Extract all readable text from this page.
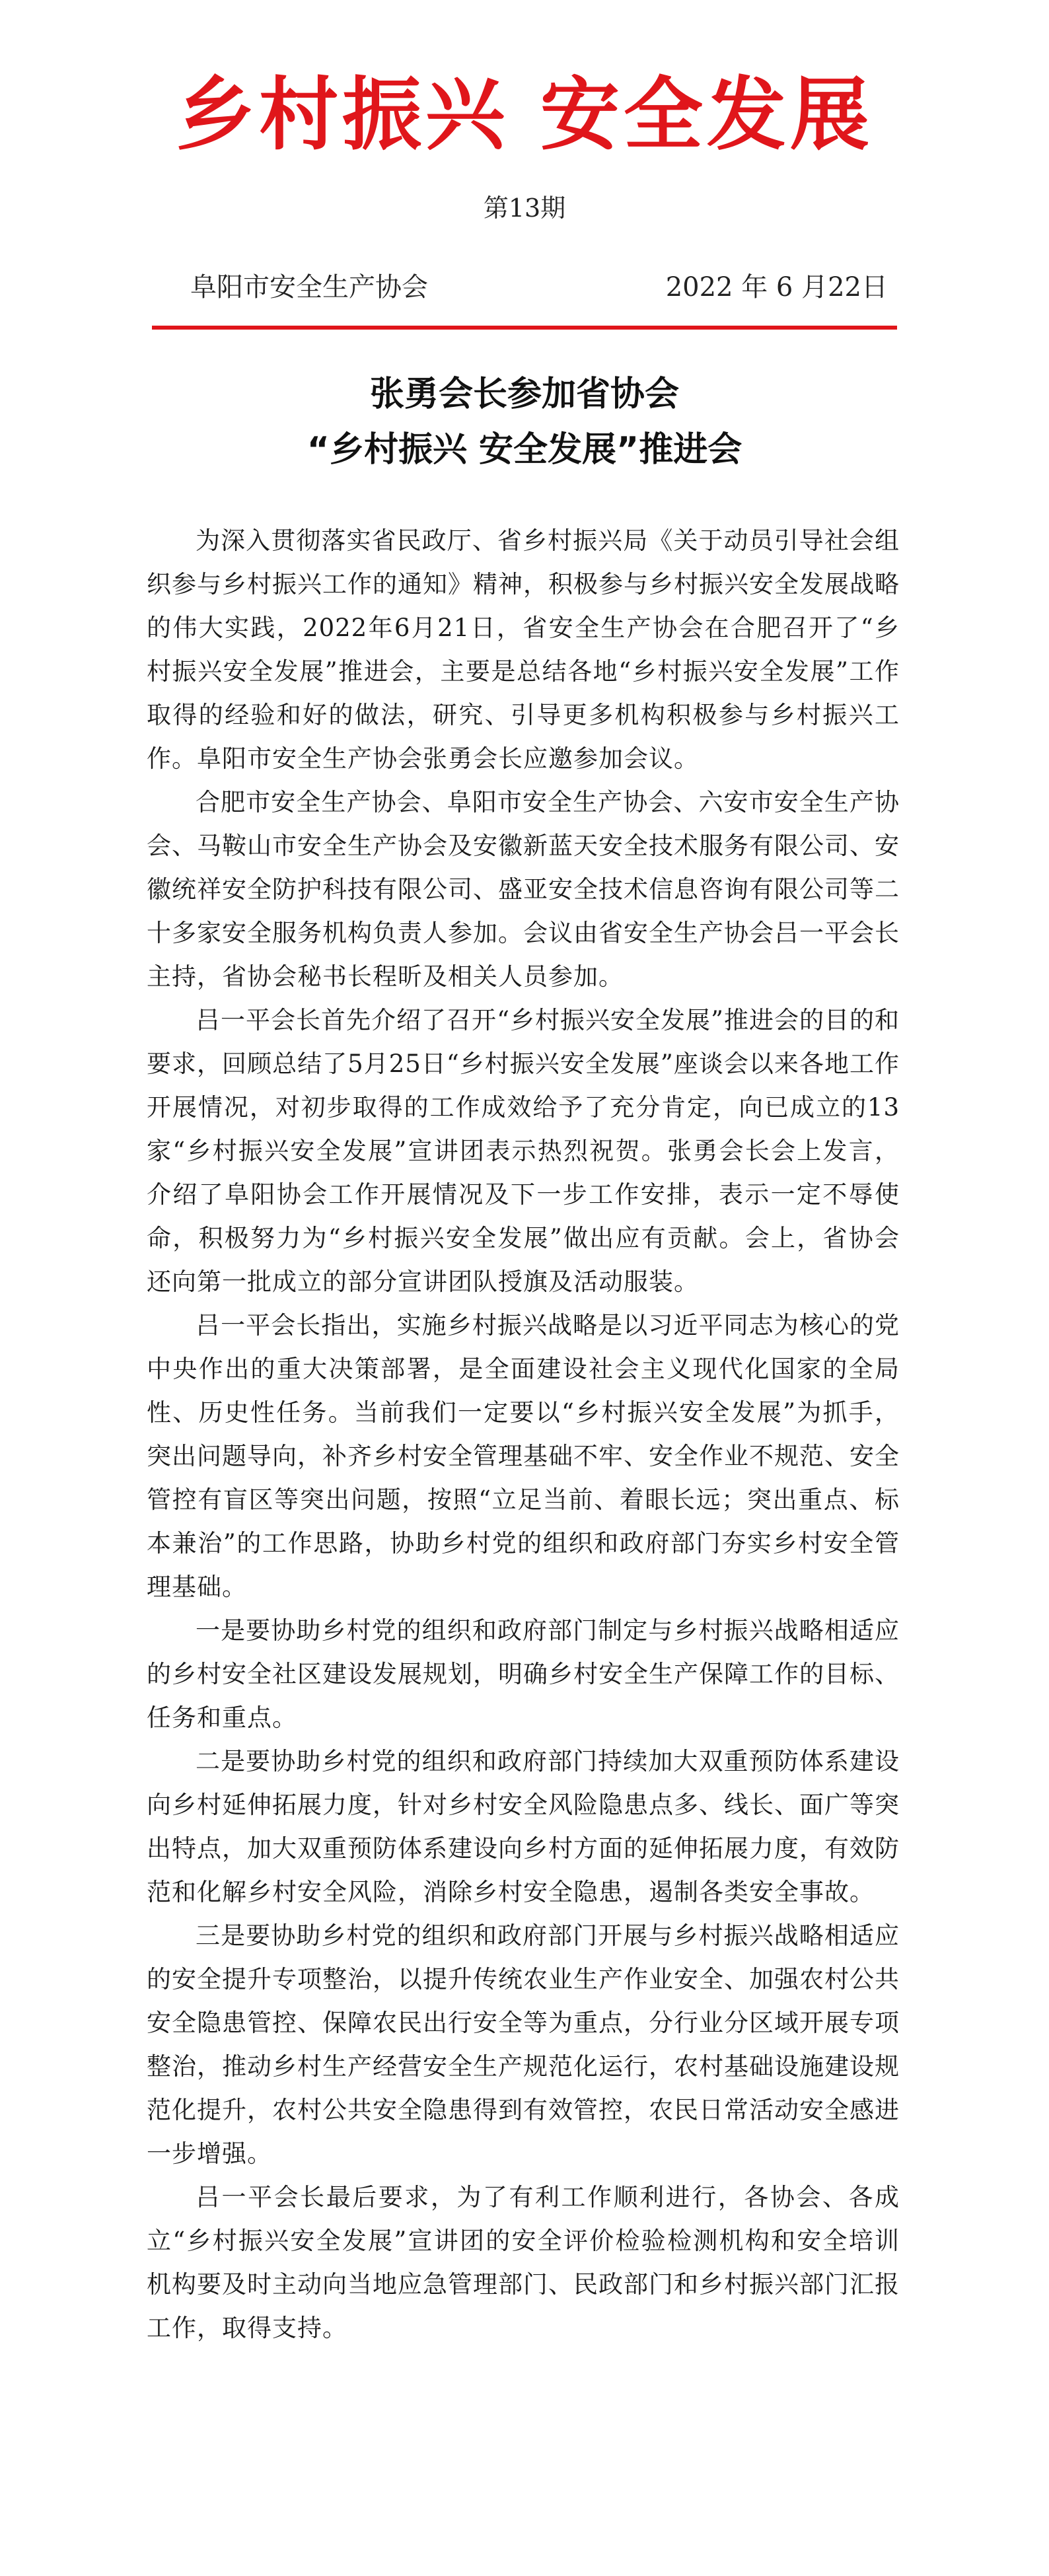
乡村振兴 安全发展
第13期
阜阳市安全生产协会	2022 年 6 月22日
张勇会长参加省协会
“乡村振兴 安全发展”推进会

为深入贯彻落实省民政厅、省乡村振兴局《关于动员引导社会组织参与乡村振兴工作的通知》精神，积极参与乡村振兴安全发展战略的伟大实践，2022年6月21日，省安全生产协会在合肥召开了“乡村振兴安全发展”推进会，主要是总结各地“乡村振兴安全发展”工作取得的经验和好的做法，研究、引导更多机构积极参与乡村振兴工作。阜阳市安全生产协会张勇会长应邀参加会议。

合肥市安全生产协会、阜阳市安全生产协会、六安市安全生产协会、马鞍山市安全生产协会及安徽新蓝天安全技术服务有限公司、安徽统祥安全防护科技有限公司、盛亚安全技术信息咨询有限公司等二十多家安全服务机构负责人参加。会议由省安全生产协会吕一平会长主持，省协会秘书长程昕及相关人员参加。

吕一平会长首先介绍了召开“乡村振兴安全发展”推进会的目的和要求，回顾总结了5月25日“乡村振兴安全发展”座谈会以来各地工作开展情况，对初步取得的工作成效给予了充分肯定，向已成立的13家“乡村振兴安全发展”宣讲团表示热烈祝贺。张勇会长会上发言，介绍了阜阳协会工作开展情况及下一步工作安排，表示一定不辱使命，积极努力为“乡村振兴安全发展”做出应有贡献。会上，省协会还向第一批成立的部分宣讲团队授旗及活动服装。

吕一平会长指出，实施乡村振兴战略是以习近平同志为核心的党中央作出的重大决策部署，是全面建设社会主义现代化国家的全局性、历史性任务。当前我们一定要以“乡村振兴安全发展”为抓手，突出问题导向，补齐乡村安全管理基础不牢、安全作业不规范、安全管控有盲区等突出问题，按照“立足当前、着眼长远；突出重点、标本兼治”的工作思路，协助乡村党的组织和政府部门夯实乡村安全管理基础。

一是要协助乡村党的组织和政府部门制定与乡村振兴战略相适应的乡村安全社区建设发展规划，明确乡村安全生产保障工作的目标、任务和重点。

二是要协助乡村党的组织和政府部门持续加大双重预防体系建设向乡村延伸拓展力度，针对乡村安全风险隐患点多、线长、面广等突出特点，加大双重预防体系建设向乡村方面的延伸拓展力度，有效防范和化解乡村安全风险，消除乡村安全隐患，遏制各类安全事故。

三是要协助乡村党的组织和政府部门开展与乡村振兴战略相适应的安全提升专项整治，以提升传统农业生产作业安全、加强农村公共安全隐患管控、保障农民出行安全等为重点，分行业分区域开展专项整治，推动乡村生产经营安全生产规范化运行，农村基础设施建设规范化提升，农村公共安全隐患得到有效管控，农民日常活动安全感进一步增强。

吕一平会长最后要求，为了有利工作顺利进行，各协会、各成立“乡村振兴安全发展”宣讲团的安全评价检验检测机构和安全培训机构要及时主动向当地应急管理部门、民政部门和乡村振兴部门汇报工作，取得支持。
